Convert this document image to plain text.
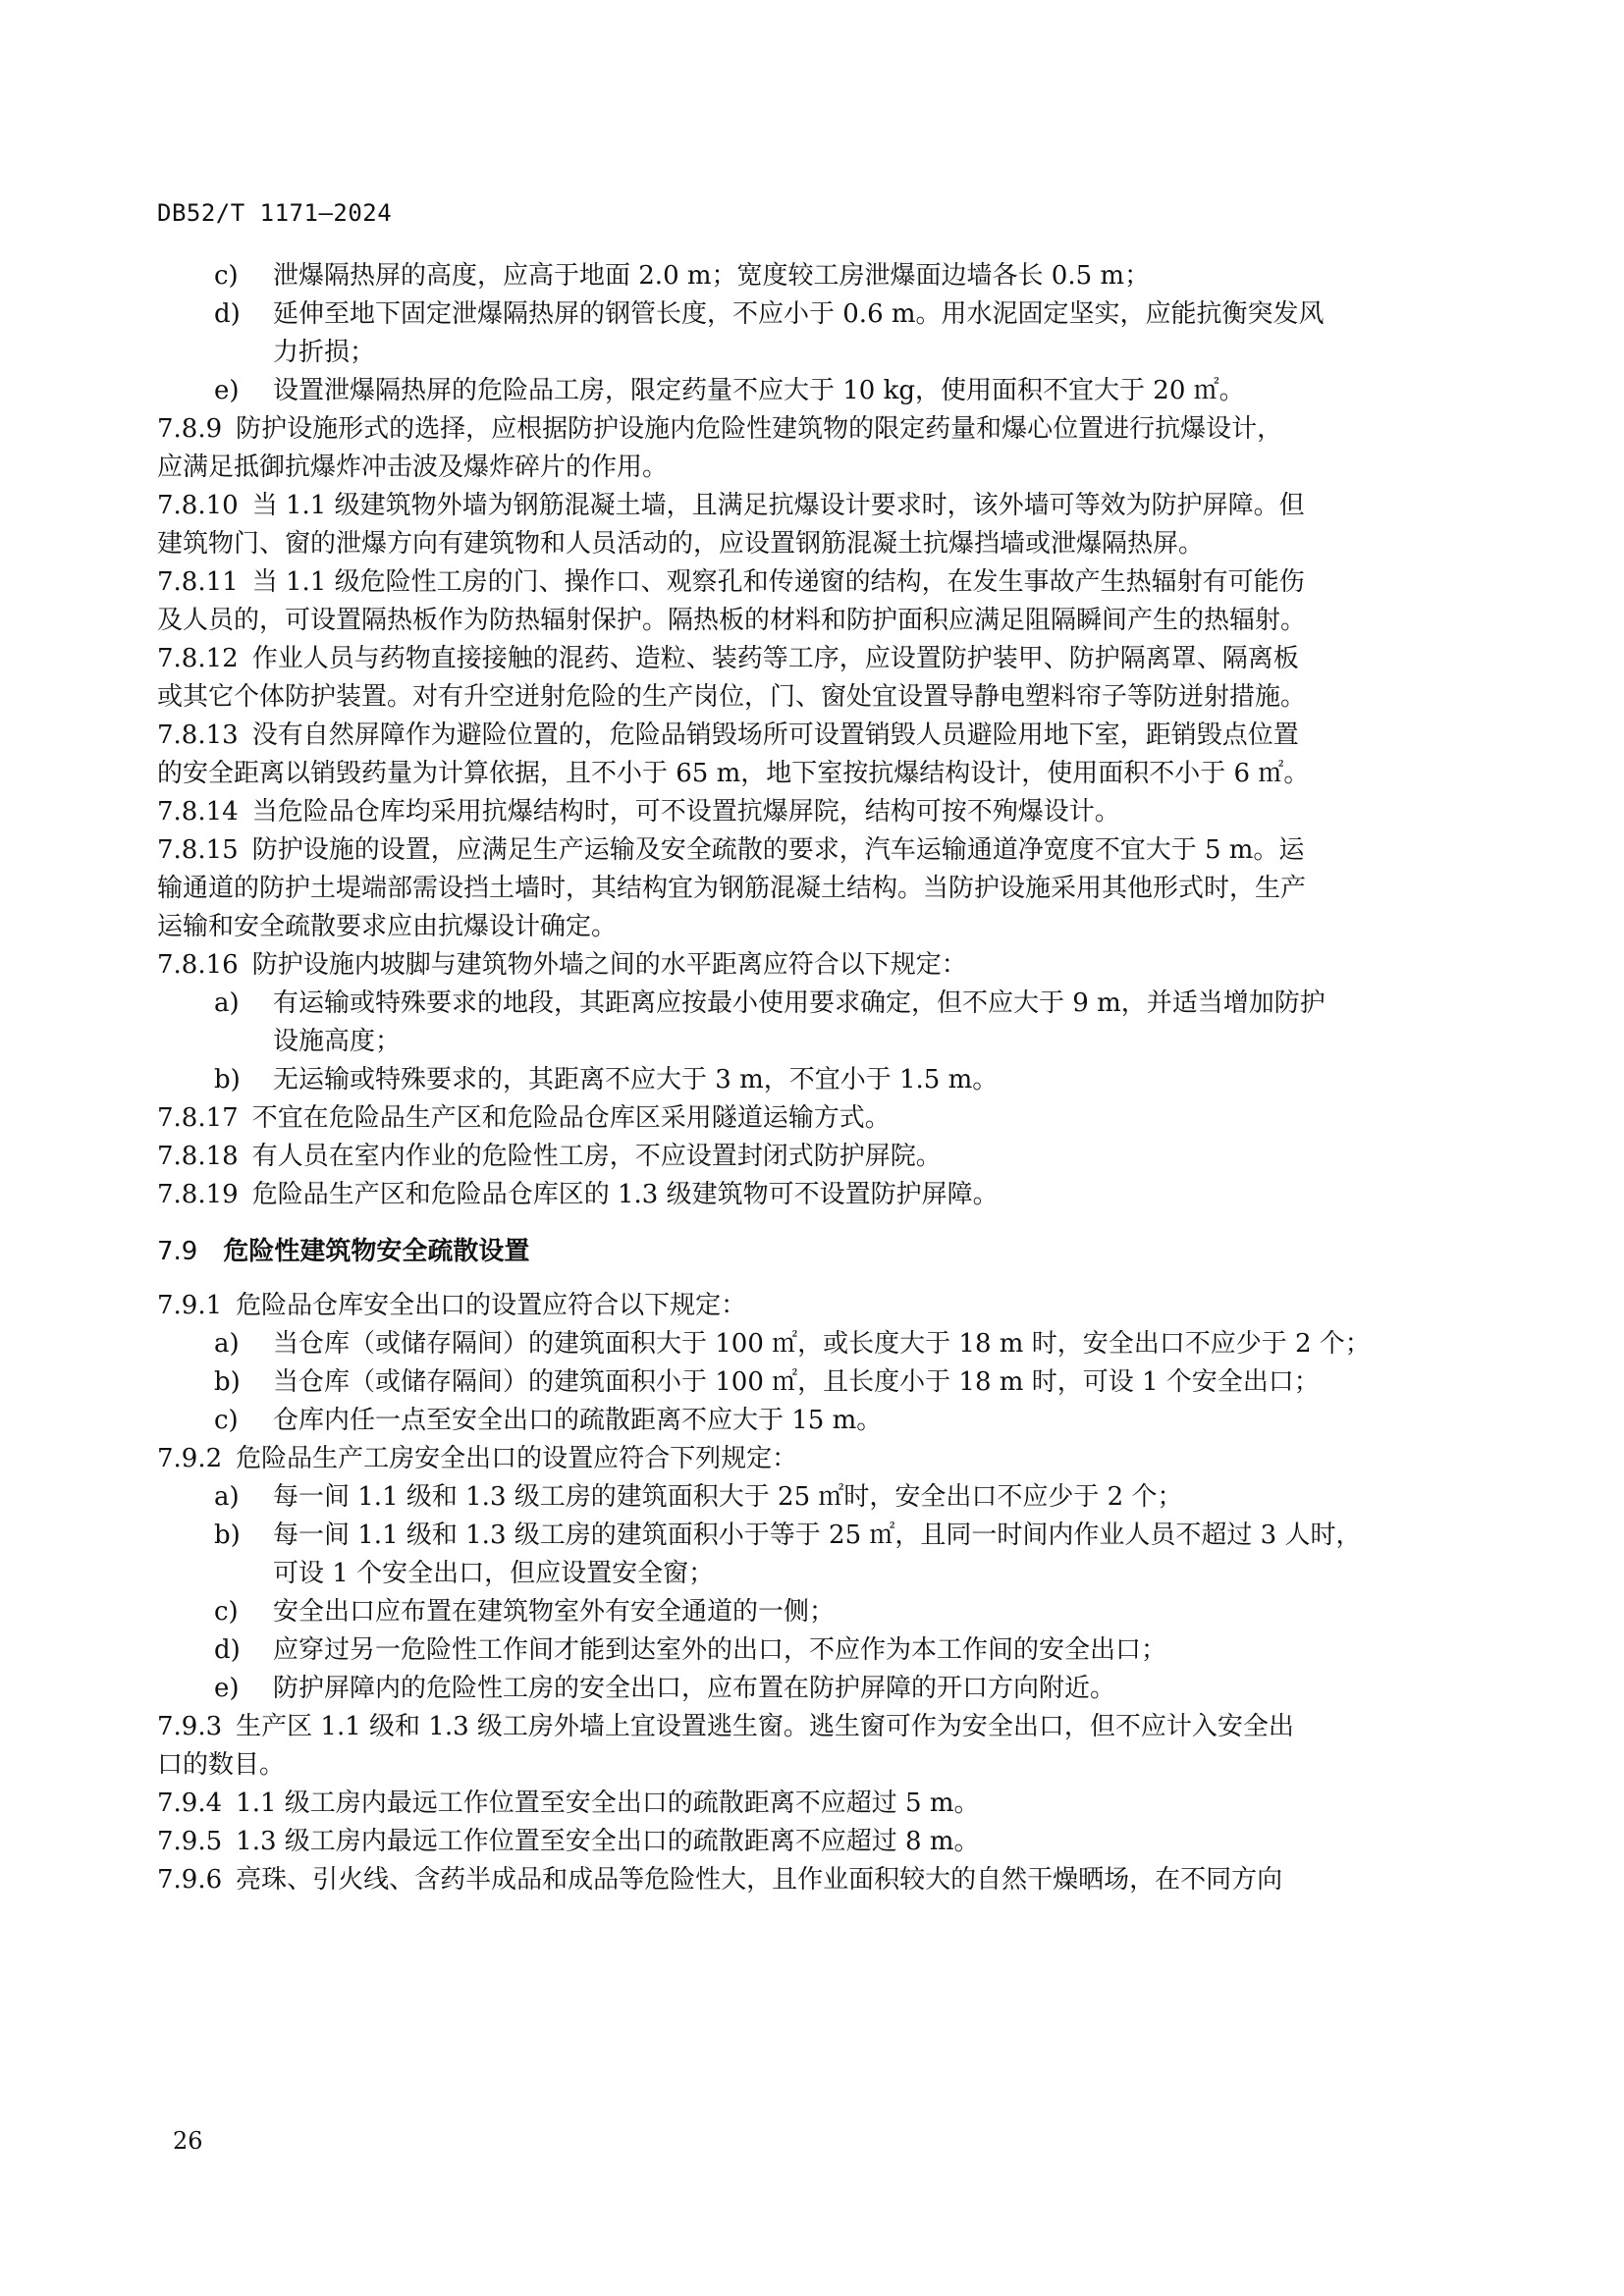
DB52/T 1171—2024
c) 泄爆隔热屏的高度，应高于地面 2.0 m；宽度较工房泄爆面边墙各长 0.5 m；
d) 延伸至地下固定泄爆隔热屏的钢管长度，不应小于 0.6 m。用水泥固定坚实，应能抗衡突发风
力折损；
e) 设置泄爆隔热屏的危险品工房，限定药量不应大于 10 kg，使用面积不宜大于 20 ㎡。
7.8.9 防护设施形式的选择，应根据防护设施内危险性建筑物的限定药量和爆心位置进行抗爆设计，
应满足抵御抗爆炸冲击波及爆炸碎片的作用。
7.8.10 当 1.1 级建筑物外墙为钢筋混凝土墙，且满足抗爆设计要求时，该外墙可等效为防护屏障。但
建筑物门、窗的泄爆方向有建筑物和人员活动的，应设置钢筋混凝土抗爆挡墙或泄爆隔热屏。
7.8.11 当 1.1 级危险性工房的门、操作口、观察孔和传递窗的结构，在发生事故产生热辐射有可能伤
及人员的，可设置隔热板作为防热辐射保护。隔热板的材料和防护面积应满足阻隔瞬间产生的热辐射。
7.8.12 作业人员与药物直接接触的混药、造粒、装药等工序，应设置防护装甲、防护隔离罩、隔离板
或其它个体防护装置。对有升空迸射危险的生产岗位，门、窗处宜设置导静电塑料帘子等防迸射措施。
7.8.13 没有自然屏障作为避险位置的，危险品销毁场所可设置销毁人员避险用地下室，距销毁点位置
的安全距离以销毁药量为计算依据，且不小于 65 m，地下室按抗爆结构设计，使用面积不小于 6 ㎡。
7.8.14 当危险品仓库均采用抗爆结构时，可不设置抗爆屏院，结构可按不殉爆设计。
7.8.15 防护设施的设置，应满足生产运输及安全疏散的要求，汽车运输通道净宽度不宜大于 5 m。运
输通道的防护土堤端部需设挡土墙时，其结构宜为钢筋混凝土结构。当防护设施采用其他形式时，生产
运输和安全疏散要求应由抗爆设计确定。
7.8.16 防护设施内坡脚与建筑物外墙之间的水平距离应符合以下规定：
a) 有运输或特殊要求的地段，其距离应按最小使用要求确定，但不应大于 9 m，并适当增加防护
设施高度；
b) 无运输或特殊要求的，其距离不应大于 3 m，不宜小于 1.5 m。
7.8.17 不宜在危险品生产区和危险品仓库区采用隧道运输方式。
7.8.18 有人员在室内作业的危险性工房，不应设置封闭式防护屏院。
7.8.19 危险品生产区和危险品仓库区的 1.3 级建筑物可不设置防护屏障。
7.9 危险性建筑物安全疏散设置
7.9.1 危险品仓库安全出口的设置应符合以下规定：
a) 当仓库（或储存隔间）的建筑面积大于 100 ㎡，或长度大于 18 m 时，安全出口不应少于 2 个；
b) 当仓库（或储存隔间）的建筑面积小于 100 ㎡，且长度小于 18 m 时，可设 1 个安全出口；
c) 仓库内任一点至安全出口的疏散距离不应大于 15 m。
7.9.2 危险品生产工房安全出口的设置应符合下列规定：
a) 每一间 1.1 级和 1.3 级工房的建筑面积大于 25 ㎡时，安全出口不应少于 2 个；
b) 每一间 1.1 级和 1.3 级工房的建筑面积小于等于 25 ㎡，且同一时间内作业人员不超过 3 人时，
可设 1 个安全出口，但应设置安全窗；
c) 安全出口应布置在建筑物室外有安全通道的一侧；
d) 应穿过另一危险性工作间才能到达室外的出口，不应作为本工作间的安全出口；
e) 防护屏障内的危险性工房的安全出口，应布置在防护屏障的开口方向附近。
7.9.3 生产区 1.1 级和 1.3 级工房外墙上宜设置逃生窗。逃生窗可作为安全出口，但不应计入安全出
口的数目。
7.9.4 1.1 级工房内最远工作位置至安全出口的疏散距离不应超过 5 m。
7.9.5 1.3 级工房内最远工作位置至安全出口的疏散距离不应超过 8 m。
7.9.6 亮珠、引火线、含药半成品和成品等危险性大，且作业面积较大的自然干燥晒场，在不同方向
26
